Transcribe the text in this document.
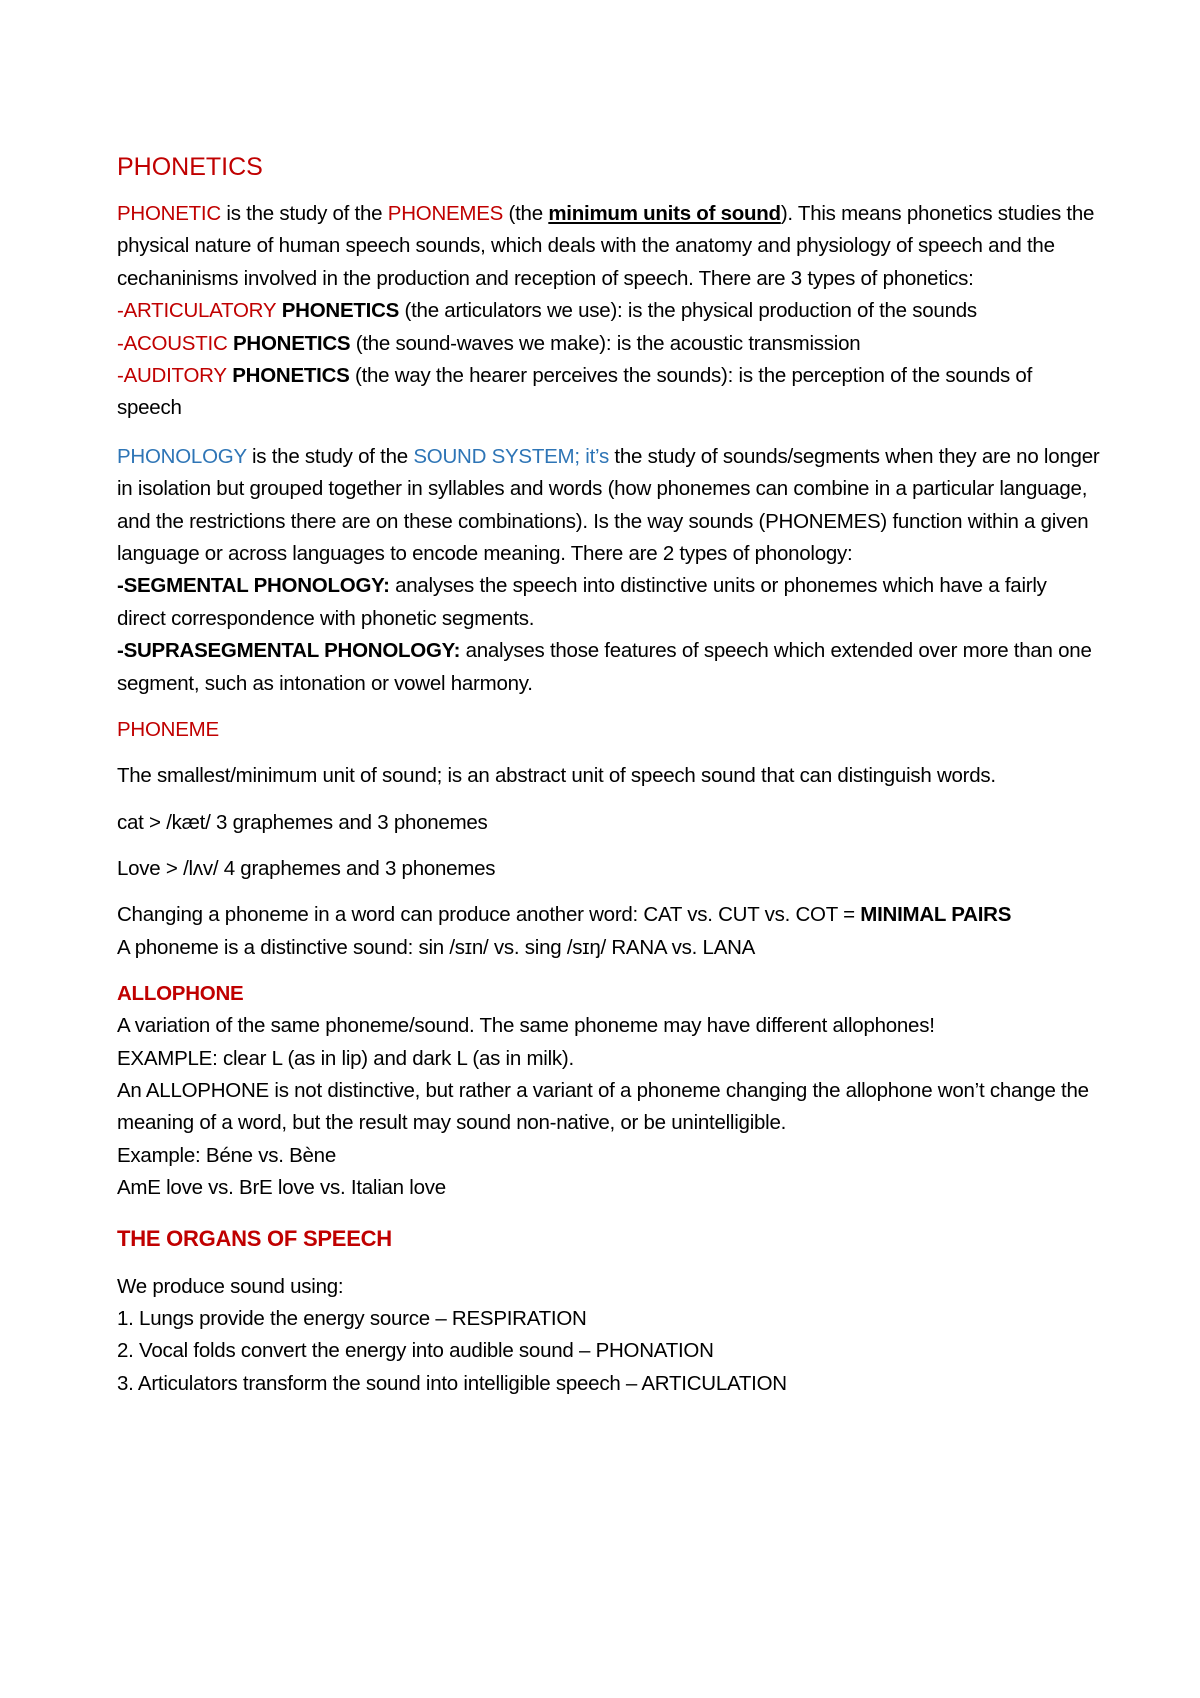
PHONETICS

PHONETIC is the study of the PHONEMES (the minimum units of sound). This means phonetics studies the physical nature of human speech sounds, which deals with the anatomy and physiology of speech and the cechaninisms involved in the production and reception of speech. There are 3 types of phonetics:

-ARTICULATORY PHONETICS (the articulators we use): is the physical production of the sounds

-ACOUSTIC PHONETICS (the sound-waves we make): is the acoustic transmission

-AUDITORY PHONETICS (the way the hearer perceives the sounds): is the perception of the sounds of speech

PHONOLOGY is the study of the SOUND SYSTEM; it’s the study of sounds/segments when they are no longer in isolation but grouped together in syllables and words (how phonemes can combine in a particular language, and the restrictions there are on these combinations). Is the way sounds (PHONEMES) function within a given language or across languages to encode meaning. There are 2 types of phonology:

-SEGMENTAL PHONOLOGY: analyses the speech into distinctive units or phonemes which have a fairly direct correspondence with phonetic segments.

-SUPRASEGMENTAL PHONOLOGY: analyses those features of speech which extended over more than one segment, such as intonation or vowel harmony.

PHONEME

The smallest/minimum unit of sound; is an abstract unit of speech sound that can distinguish words.

cat > /kæt/ 3 graphemes and 3 phonemes

Love > /lʌv/ 4 graphemes and 3 phonemes

Changing a phoneme in a word can produce another word: CAT vs. CUT vs. COT = MINIMAL PAIRS

A phoneme is a distinctive sound: sin /sɪn/ vs. sing /sɪŋ/ RANA vs. LANA

ALLOPHONE

A variation of the same phoneme/sound. The same phoneme may have different allophones!
EXAMPLE: clear L (as in lip) and dark L (as in milk).
An ALLOPHONE is not distinctive, but rather a variant of a phoneme changing the allophone won’t change the meaning of a word, but the result may sound non-native, or be unintelligible.
Example: Béne vs. Bène
AmE love vs. BrE love vs. Italian love

THE ORGANS OF SPEECH

We produce sound using:
1. Lungs provide the energy source – RESPIRATION
2. Vocal folds convert the energy into audible sound – PHONATION
3. Articulators transform the sound into intelligible speech – ARTICULATION
